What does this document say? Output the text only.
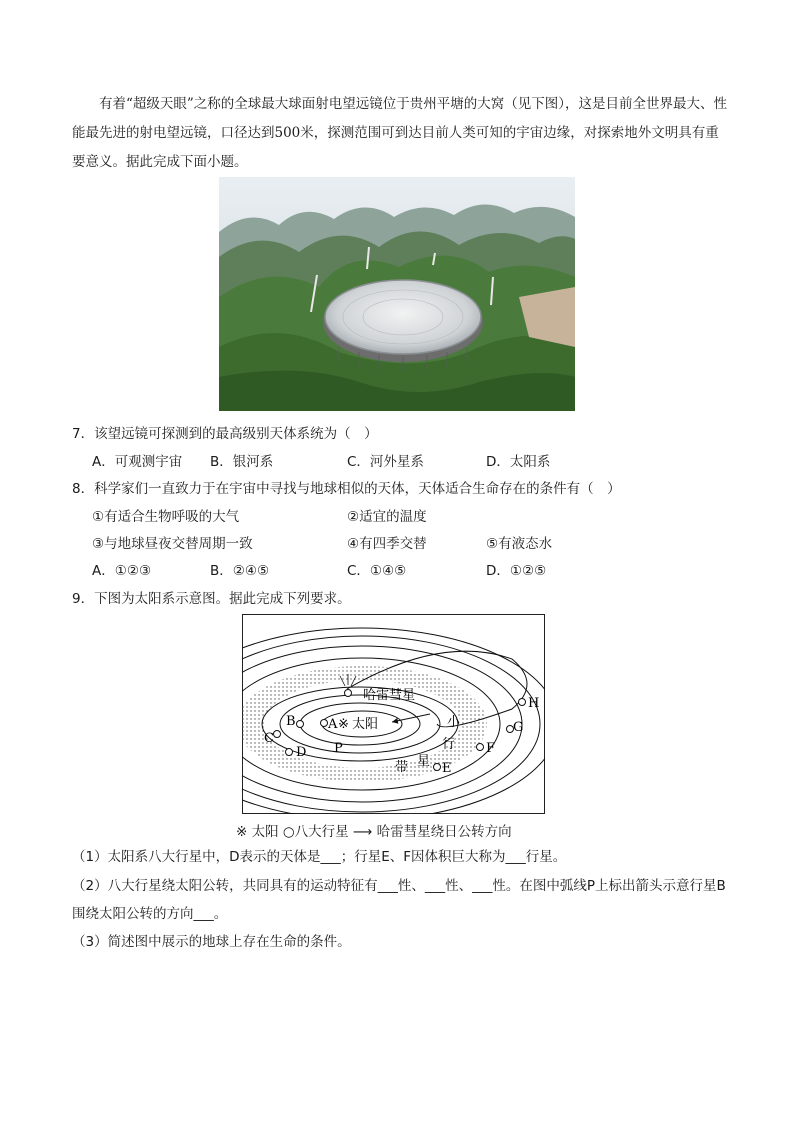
有着“超级天眼”之称的全球最大球面射电望远镜位于贵州平塘的大窝（见下图），这是目前全世界最大、性能最先进的射电望远镜，口径达到500米，探测范围可到达目前人类可知的宇宙边缘，对探索地外文明具有重要意义。据此完成下面小题。

7．该望远镜可探测到的最高级别天体系统为（　）
A．可观测宇宙 B．银河系	C．河外星系	D．太阳系
8．科学家们一直致力于在宇宙中寻找与地球相似的天体，天体适合生命存在的条件有（　）
①有适合生物呼吸的大气	②适宜的温度
③与地球昼夜交替周期一致	④有四季交替	⑤有液态水
A．①②③	B．②④⑤	C．①④⑤	D．①②⑤
9．下图为太阳系示意图。据此完成下列要求。
哈雷彗星
A ※ 太阳
B
C
D P
E
F
G
H
小
行
带 星
※ 太阳 ○八大行星 ⟶ 哈雷彗星绕日公转方向
（1）太阳系八大行星中，D表示的天体是___；行星E、F因体积巨大称为___行星。
（2）八大行星绕太阳公转，共同具有的运动特征有___性、___性、___性。在图中弧线P上标出箭头示意行星B围绕太阳公转的方向___。
（3）简述图中展示的地球上存在生命的条件。
